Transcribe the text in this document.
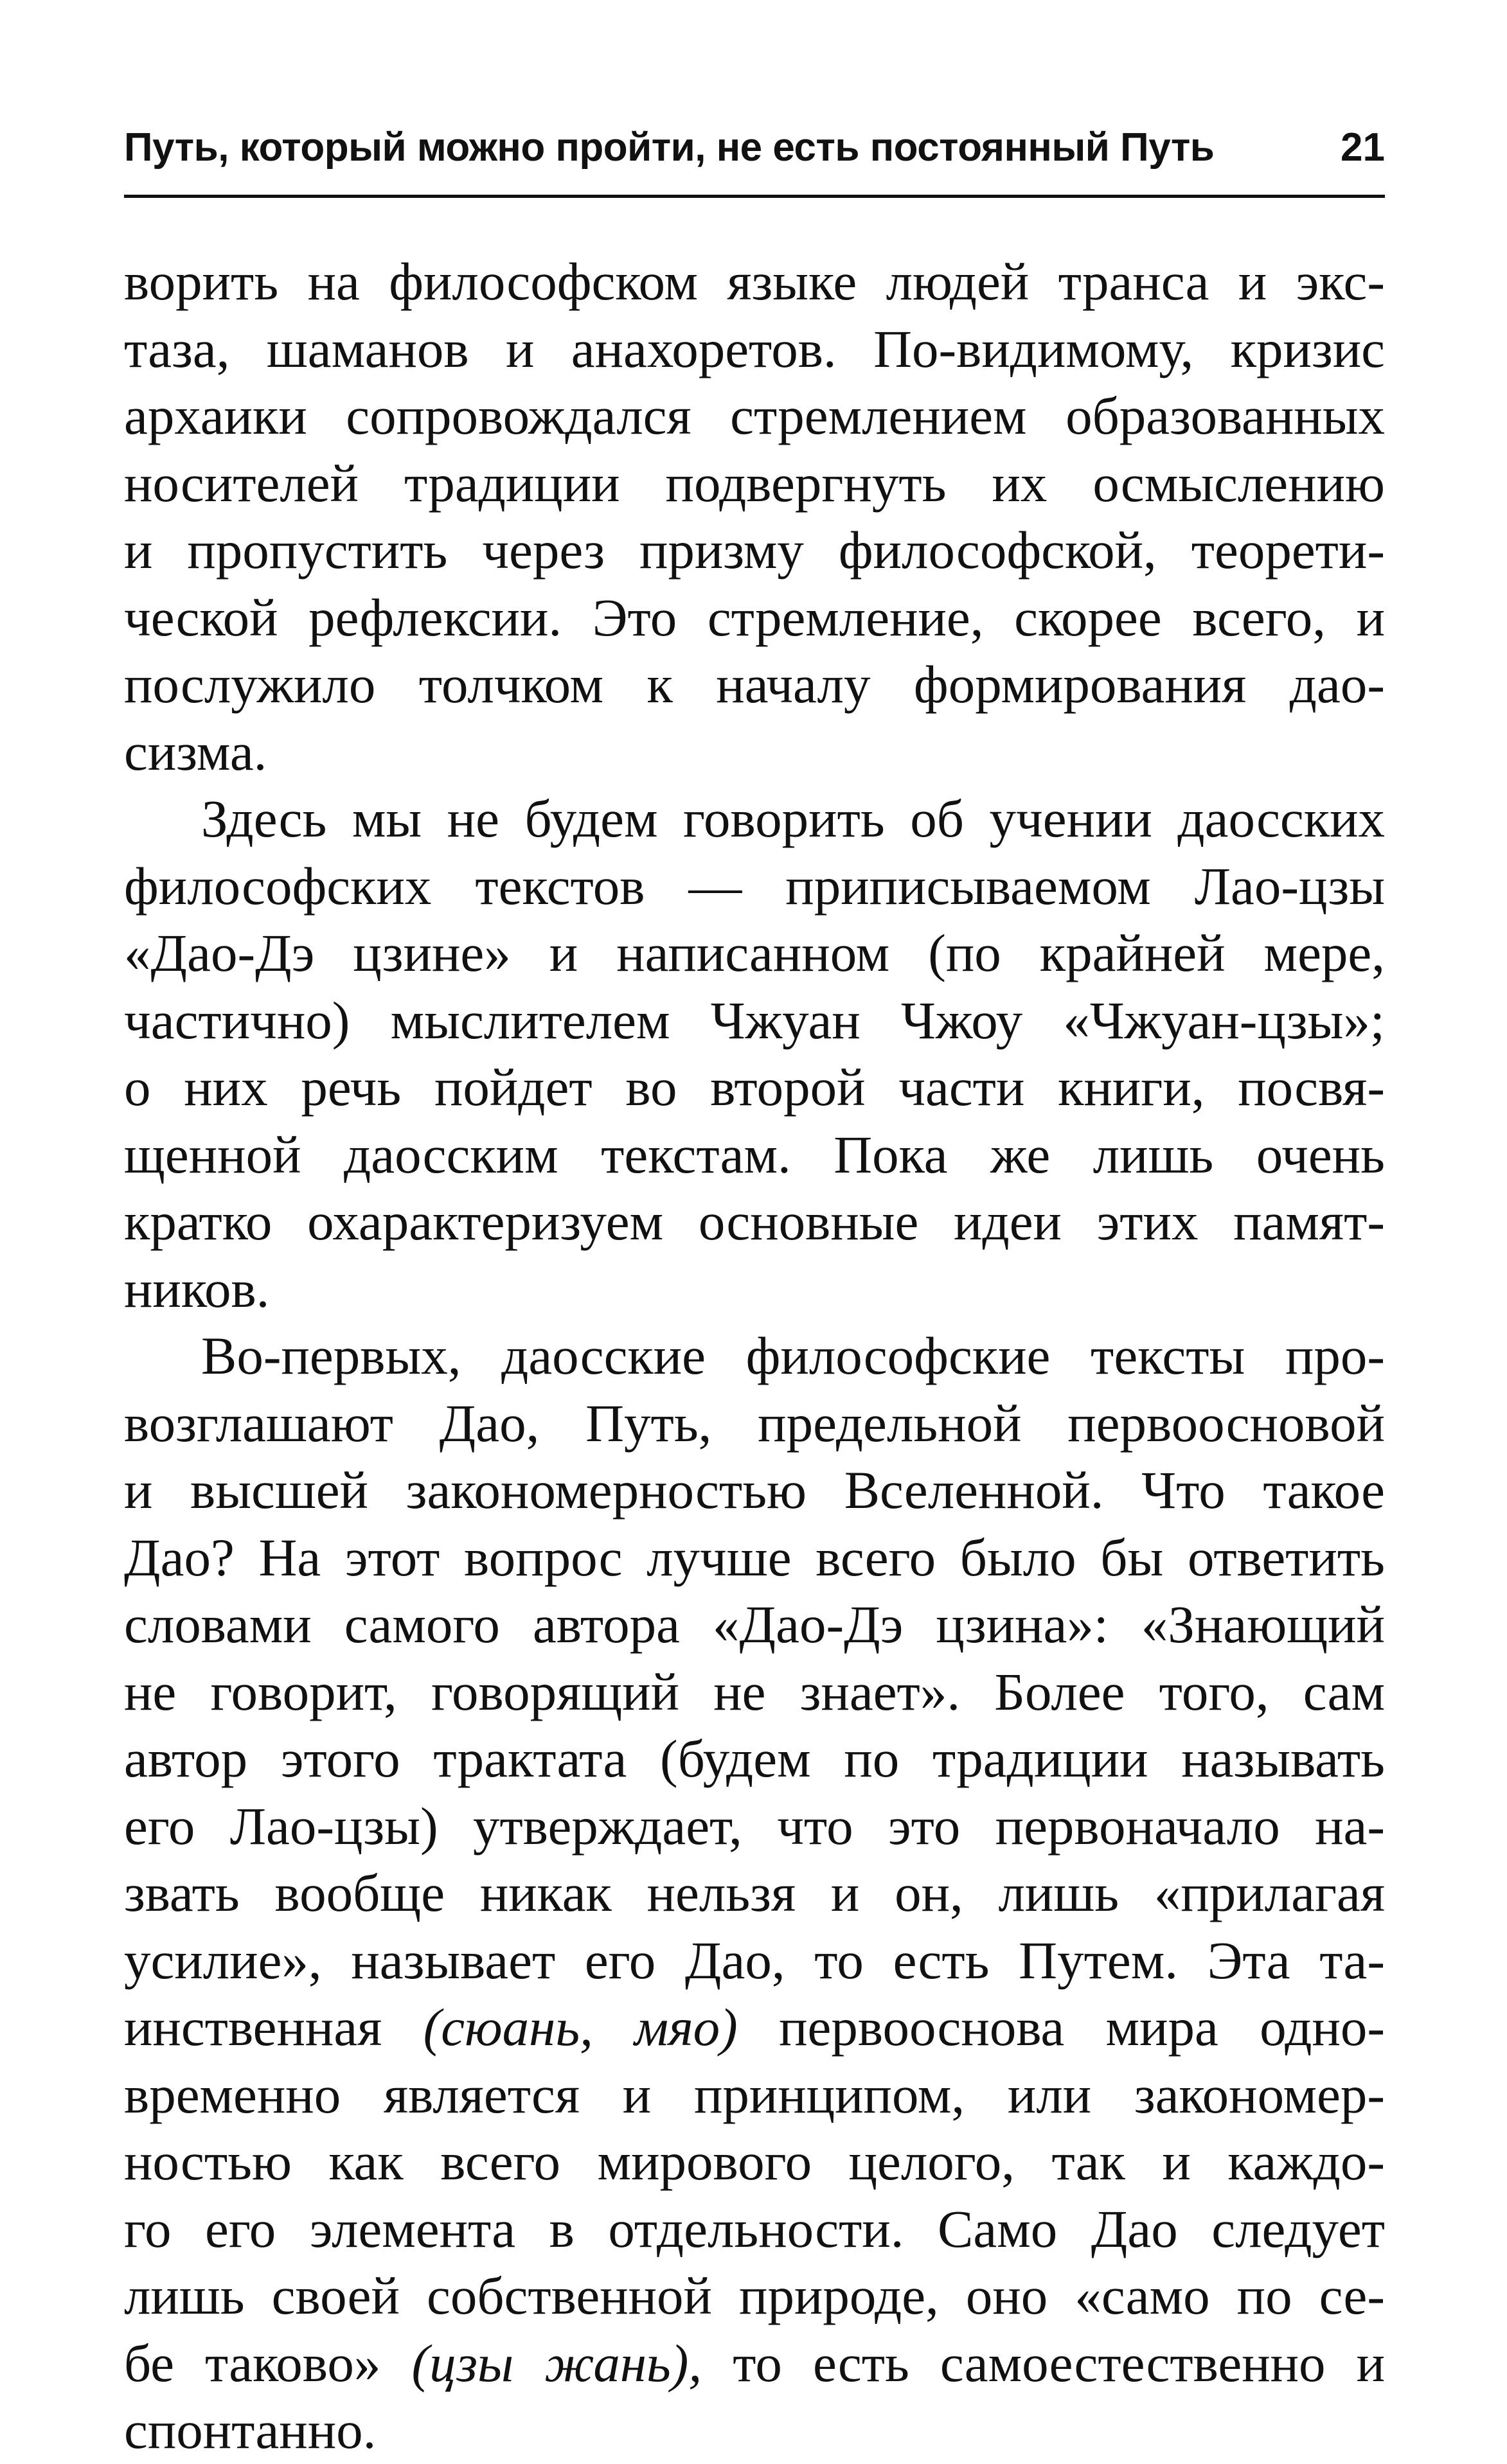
Путь, который можно пройти, не есть постоянный Путь	21
ворить на философском языке людей транса и экс-
таза, шаманов и анахоретов. По-видимому, кризис
архаики сопровождался стремлением образованных
носителей традиции подвергнуть их осмыслению
и пропустить через призму философской, теорети-
ческой рефлексии. Это стремление, скорее всего, и
послужило толчком к началу формирования дао-
сизма.
Здесь мы не будем говорить об учении даосских
философских текстов — приписываемом Лао-цзы
«Дао-Дэ цзине» и написанном (по крайней мере,
частично) мыслителем Чжуан Чжоу «Чжуан-цзы»;
о них речь пойдет во второй части книги, посвя-
щенной даосским текстам. Пока же лишь очень
кратко охарактеризуем основные идеи этих памят-
ников.
Во-первых, даосские философские тексты про-
возглашают Дао, Путь, предельной первоосновой
и высшей закономерностью Вселенной. Что такое
Дао? На этот вопрос лучше всего было бы ответить
словами самого автора «Дао-Дэ цзина»: «Знающий
не говорит, говорящий не знает». Более того, сам
автор этого трактата (будем по традиции называть
его Лао-цзы) утверждает, что это первоначало на-
звать вообще никак нельзя и он, лишь «прилагая
усилие», называет его Дао, то есть Путем. Эта та-
инственная (сюань, мяо) первооснова мира одно-
временно является и принципом, или закономер-
ностью как всего мирового целого, так и каждо-
го его элемента в отдельности. Само Дао следует
лишь своей собственной природе, оно «само по се-
бе таково» (цзы жань), то есть самоестественно и
спонтанно.
